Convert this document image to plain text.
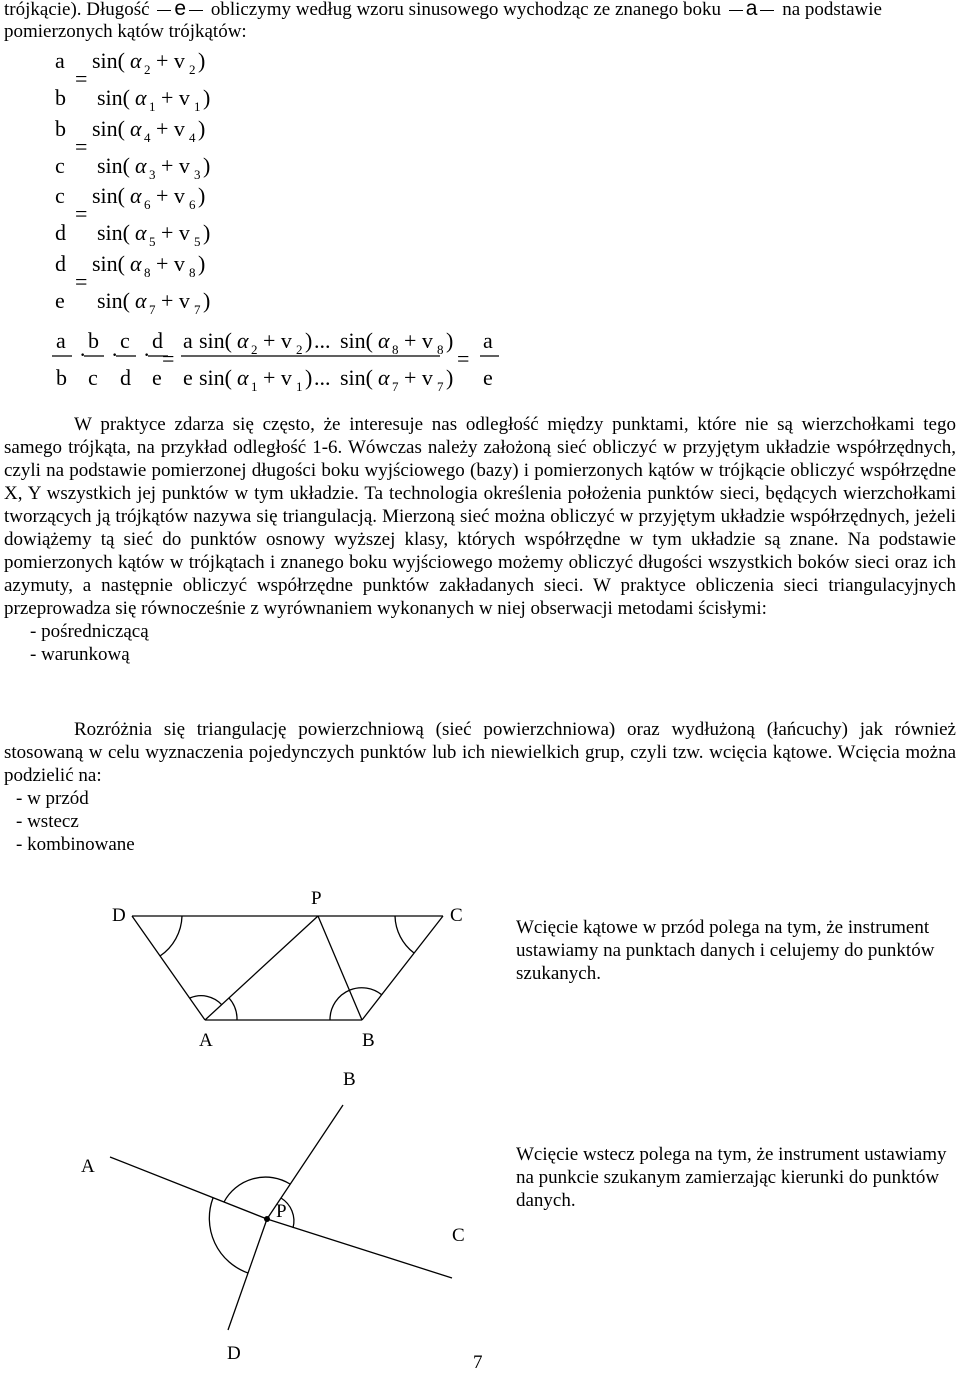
trójkącie). Długość e obliczymy według wzoru sinusowego wychodząc ze znanego boku a na podstawie
pomierzonych kątów trójkątów:
a
b
=
sin( α 2 + v 2 )
sin( α 1 + v 1 )
b
c
=
sin( α 4 + v 4 )
sin( α 3 + v 3 )
c
d
=
sin( α 6 + v 6 )
sin( α 5 + v 5 )
d
e
=
sin( α 8 + v 8 )
sin( α 7 + v 7 )
a
b
·
b
c
·
c
d
·
d
e
=
a sin( α 2 + v 2 ) ... sin( α 8 + v 8 )
e sin( α 1 + v 1 ) ... sin( α 7 + v 7 )
=
a
e

W praktyce zdarza się często, że interesuje nas odległość między punktami, które nie są wierzchołkami tego samego trójkąta, na przykład odległość 1-6. Wówczas należy założoną sieć obliczyć w przyjętym układzie współrzędnych, czyli na podstawie pomierzonej długości boku wyjściowego (bazy) i pomierzonych kątów w trójkącie obliczyć współrzędne X, Y wszystkich jej punktów w tym układzie. Ta technologia określenia położenia punktów sieci, będących wierzchołkami tworzących ją trójkątów nazywa się triangulacją. Mierzoną sieć można obliczyć w przyjętym układzie współrzędnych, jeżeli dowiążemy tą sieć do punktów osnowy wyższej klasy, których współrzędne w tym układzie są znane. Na podstawie pomierzonych kątów w trójkątach i znanego boku wyjściowego możemy obliczyć długości wszystkich boków sieci oraz ich azymuty, a następnie obliczyć współrzędne punktów zakładanych sieci. W praktyce obliczenia sieci triangulacyjnych przeprowadza się równocześnie z wyrównaniem wykonanych w niej obserwacji metodami ścisłymi:

- pośredniczącą
- warunkową

Rozróżnia się triangulację powierzchniową (sieć powierzchniowa) oraz wydłużoną (łańcuchy) jak również stosowaną w celu wyznaczenia pojedynczych punktów lub ich niewielkich grup, czyli tzw. wcięcia kątowe. Wcięcia można podzielić na:

- w przód
- wstecz
- kombinowane
D
P
C
A	B
Wcięcie kątowe w przód polega na tym, że instrument ustawiamy na punktach danych i celujemy do punktów szukanych.
B
A
P
C
D
Wcięcie wstecz polega na tym, że instrument ustawiamy na punkcie szukanym zamierzając kierunki do punktów danych.
7
